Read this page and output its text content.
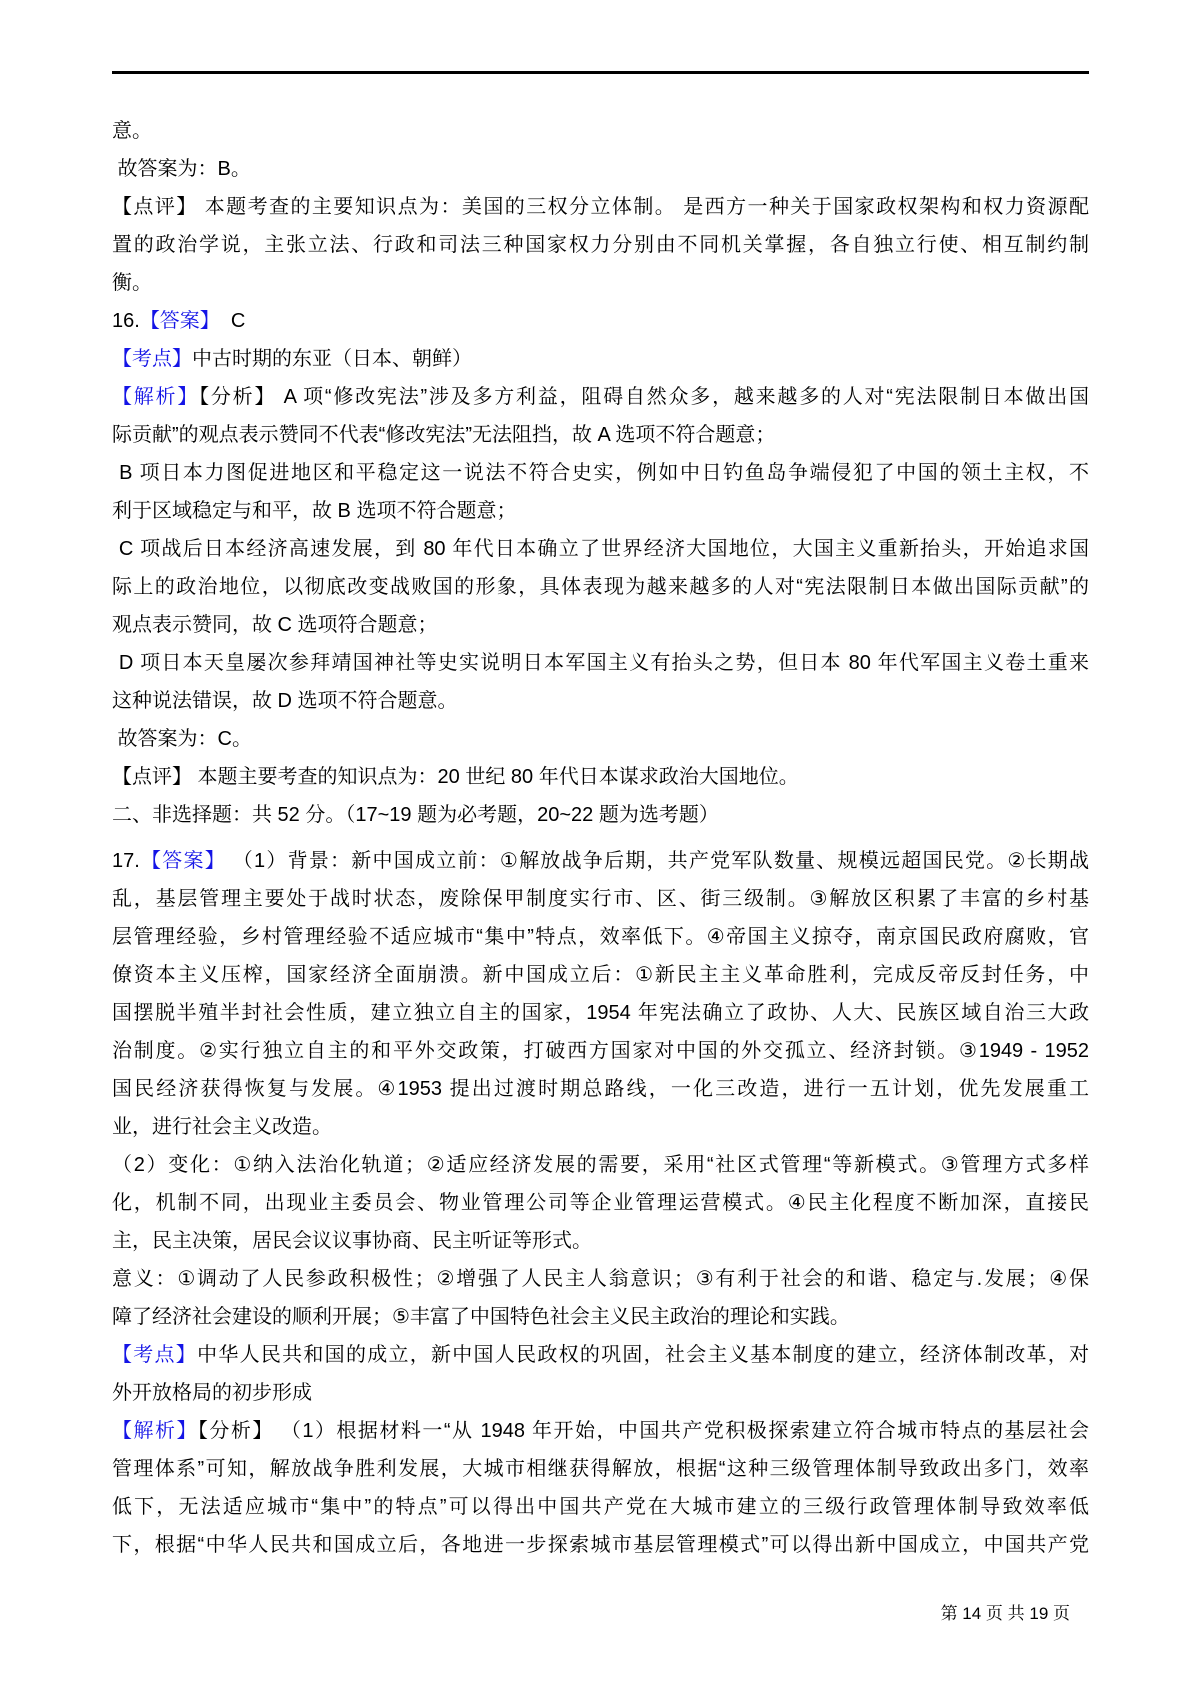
意。
故答案为：B。
【点评】 本题考查的主要知识点为：美国的三权分立体制。 是西方一种关于国家政权架构和权力资源配
置的政治学说，主张立法、行政和司法三种国家权力分别由不同机关掌握，各自独立行使、相互制约制
衡。
16.【答案】  C
【考点】中古时期的东亚（日本、朝鲜）
【解析】【分析】 A 项“修改宪法”涉及多方利益，阻碍自然众多，越来越多的人对“宪法限制日本做出国
际贡献”的观点表示赞同不代表“修改宪法”无法阻挡，故 A 选项不符合题意；
B 项日本力图促进地区和平稳定这一说法不符合史实，例如中日钓鱼岛争端侵犯了中国的领土主权，不
利于区域稳定与和平，故 B 选项不符合题意；
C 项战后日本经济高速发展，到 80 年代日本确立了世界经济大国地位，大国主义重新抬头，开始追求国
际上的政治地位，以彻底改变战败国的形象，具体表现为越来越多的人对“宪法限制日本做出国际贡献”的
观点表示赞同，故 C 选项符合题意；
D 项日本天皇屡次参拜靖国神社等史实说明日本军国主义有抬头之势，但日本 80 年代军国主义卷土重来
这种说法错误，故 D 选项不符合题意。
故答案为：C。
【点评】 本题主要考查的知识点为：20 世纪 80 年代日本谋求政治大国地位。
二、非选择题：共 52 分。（17~19 题为必考题，20~22 题为选考题）
17.【答案】 （1）背景：新中国成立前：①解放战争后期，共产党军队数量、规模远超国民党。②长期战
乱，基层管理主要处于战时状态，废除保甲制度实行市、区、街三级制。③解放区积累了丰富的乡村基
层管理经验，乡村管理经验不适应城市“集中”特点，效率低下。④帝国主义掠夺，南京国民政府腐败，官
僚资本主义压榨，国家经济全面崩溃。新中国成立后：①新民主主义革命胜利，完成反帝反封任务，中
国摆脱半殖半封社会性质，建立独立自主的国家，1954 年宪法确立了政协、人大、民族区域自治三大政
治制度。②实行独立自主的和平外交政策，打破西方国家对中国的外交孤立、经济封锁。③1949 - 1952
国民经济获得恢复与发展。④1953 提出过渡时期总路线，一化三改造，进行一五计划，优先发展重工
业，进行社会主义改造。
（2）变化：①纳入法治化轨道；②适应经济发展的需要，采用“社区式管理“等新模式。③管理方式多样
化，机制不同，出现业主委员会、物业管理公司等企业管理运营模式。④民主化程度不断加深，直接民
主，民主决策，居民会议议事协商、民主听证等形式。
意义：①调动了人民参政积极性；②增强了人民主人翁意识；③有利于社会的和谐、稳定与.发展；④保
障了经济社会建设的顺利开展；⑤丰富了中国特色社会主义民主政治的理论和实践。
【考点】中华人民共和国的成立，新中国人民政权的巩固，社会主义基本制度的建立，经济体制改革，对
外开放格局的初步形成
【解析】【分析】 （1）根据材料一“从 1948 年开始，中国共产党积极探索建立符合城市特点的基层社会
管理体系”可知，解放战争胜利发展，大城市相继获得解放，根据“这种三级管理体制导致政出多门，效率
低下，无法适应城市“集中”的特点”可以得出中国共产党在大城市建立的三级行政管理体制导致效率低
下，根据“中华人民共和国成立后，各地进一步探索城市基层管理模式”可以得出新中国成立，中国共产党
第 14 页 共 19 页
